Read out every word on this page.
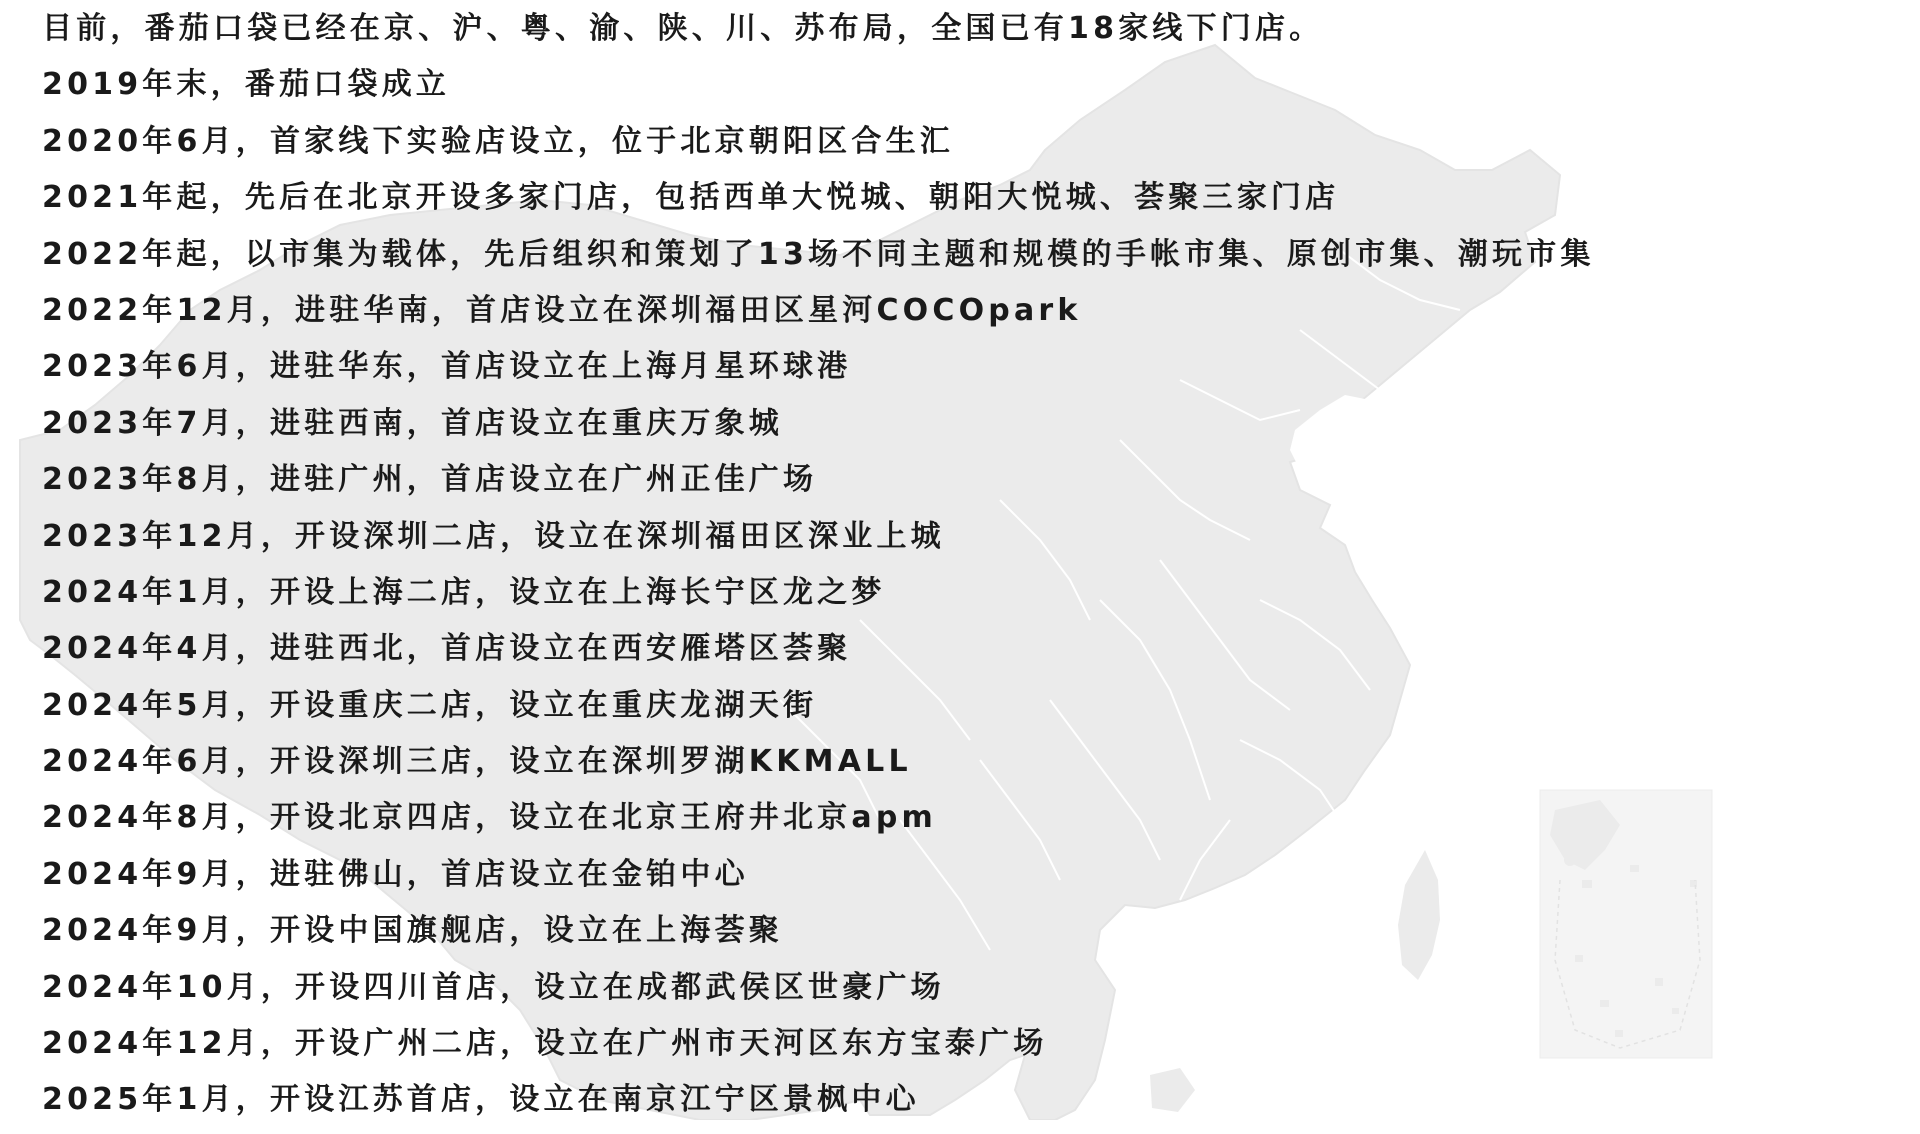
目前，番茄口袋已经在京、沪、粤、渝、陕、川、苏布局，全国已有18家线下门店。
2019年末，番茄口袋成立
2020年6月，首家线下实验店设立，位于北京朝阳区合生汇
2021年起，先后在北京开设多家门店，包括西单大悦城、朝阳大悦城、荟聚三家门店
2022年起，以市集为载体，先后组织和策划了13场不同主题和规模的手帐市集、原创市集、潮玩市集
2022年12月，进驻华南，首店设立在深圳福田区星河COCOpark
2023年6月，进驻华东，首店设立在上海月星环球港
2023年7月，进驻西南，首店设立在重庆万象城
2023年8月，进驻广州，首店设立在广州正佳广场
2023年12月，开设深圳二店，设立在深圳福田区深业上城
2024年1月，开设上海二店，设立在上海长宁区龙之梦
2024年4月，进驻西北，首店设立在西安雁塔区荟聚
2024年5月，开设重庆二店，设立在重庆龙湖天街
2024年6月，开设深圳三店，设立在深圳罗湖KKMALL
2024年8月，开设北京四店，设立在北京王府井北京apm
2024年9月，进驻佛山，首店设立在金铂中心
2024年9月，开设中国旗舰店，设立在上海荟聚
2024年10月，开设四川首店，设立在成都武侯区世豪广场
2024年12月，开设广州二店，设立在广州市天河区东方宝泰广场
2025年1月，开设江苏首店，设立在南京江宁区景枫中心
